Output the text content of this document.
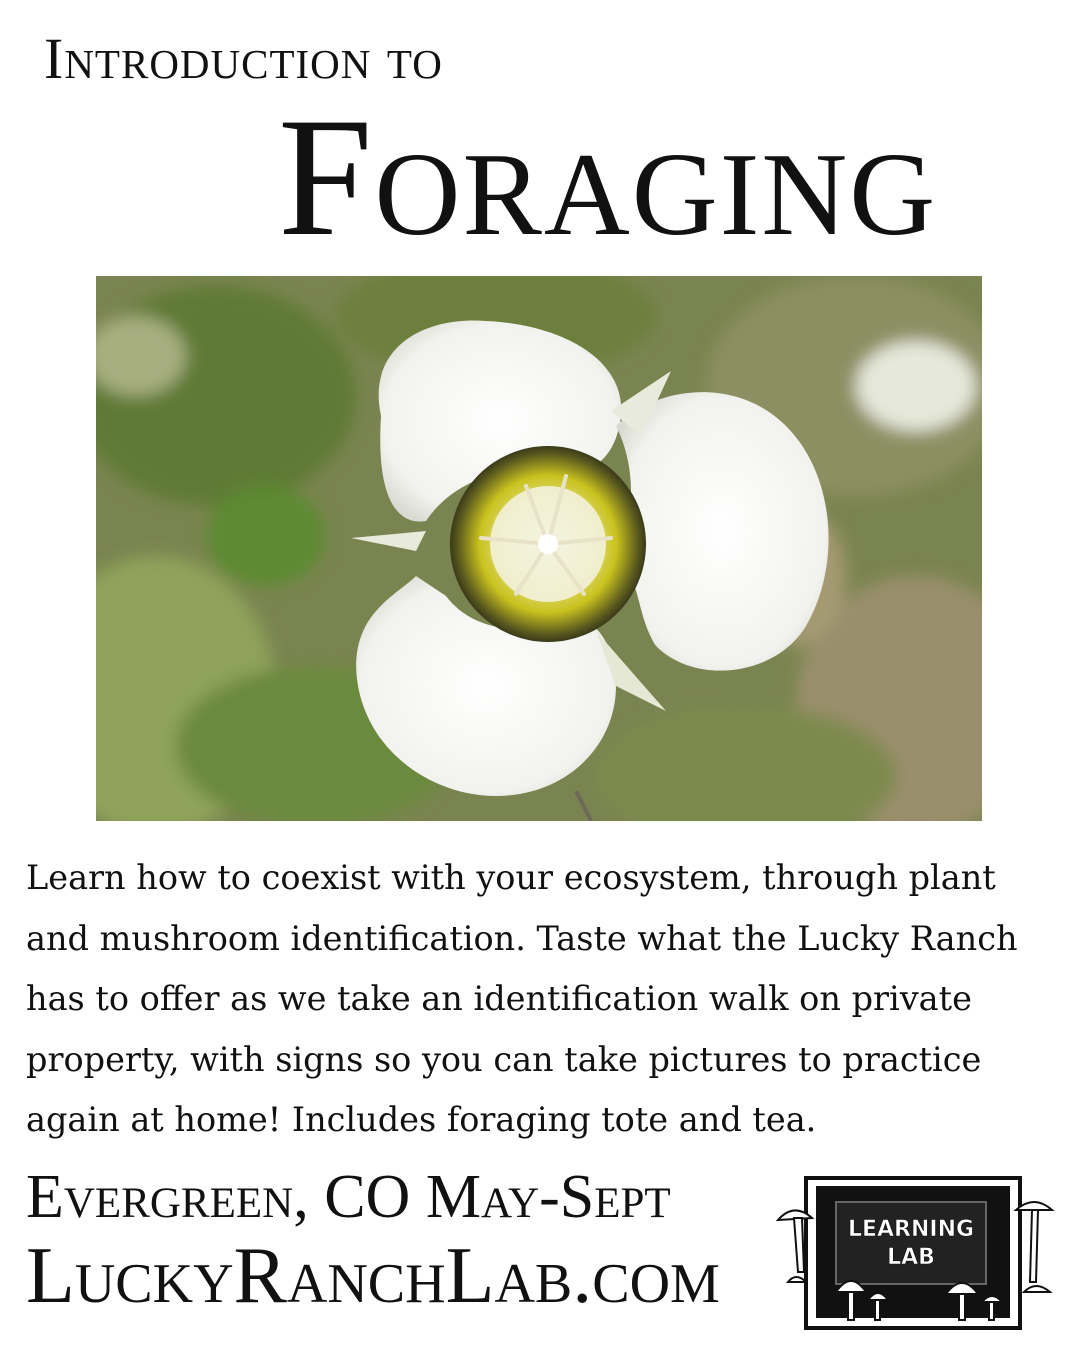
Introduction to
Foraging

Learn how to coexist with your ecosystem, through plant and mushroom identification. Taste what the Lucky Ranch has to offer as we take an identification walk on private property, with signs so you can take pictures to practice again at home! Includes foraging tote and tea.

Evergreen, CO May-Sept
LuckyRanchLab.com
LEARNING
LAB
